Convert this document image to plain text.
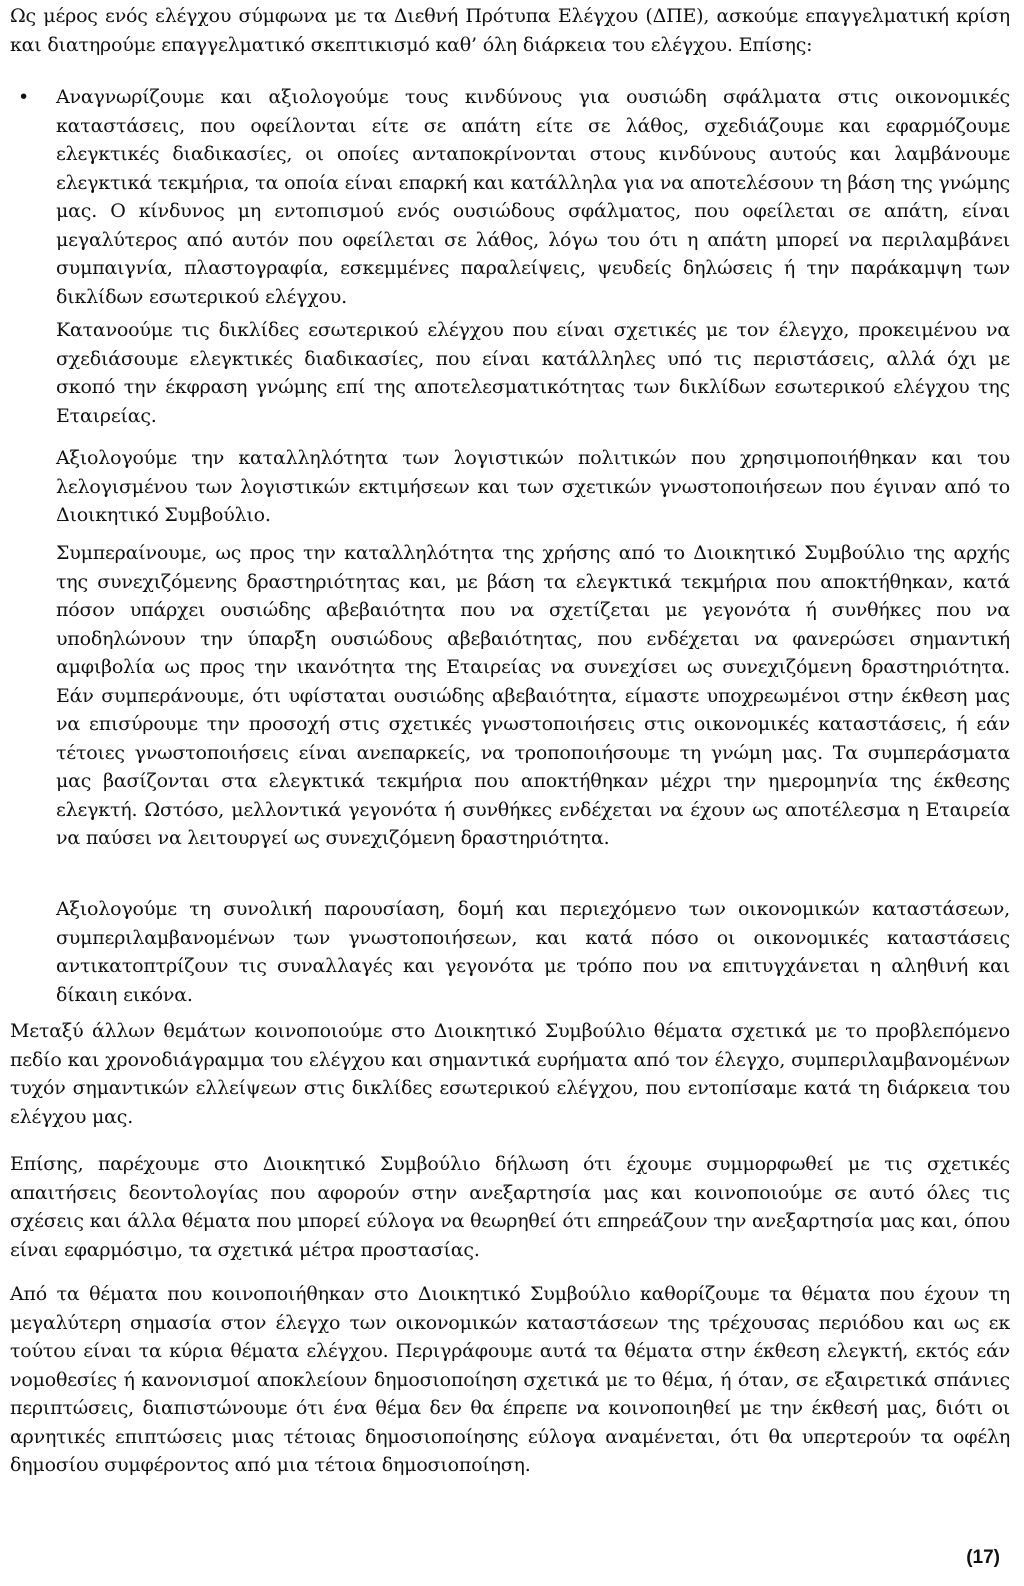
Ως μέρος ενός ελέγχου σύμφωνα με τα Διεθνή Πρότυπα Ελέγχου (ΔΠΕ), ασκούμε επαγγελματική κρίση και διατηρούμε επαγγελματικό σκεπτικισμό καθ’ όλη διάρκεια του ελέγχου. Επίσης:

• Αναγνωρίζουμε και αξιολογούμε τους κινδύνους για ουσιώδη σφάλματα στις οικονομικές καταστάσεις, που οφείλονται είτε σε απάτη είτε σε λάθος, σχεδιάζουμε και εφαρμόζουμε ελεγκτικές διαδικασίες, οι οποίες ανταποκρίνονται στους κινδύνους αυτούς και λαμβάνουμε ελεγκτικά τεκμήρια, τα οποία είναι επαρκή και κατάλληλα για να αποτελέσουν τη βάση της γνώμης μας. Ο κίνδυνος μη εντοπισμού ενός ουσιώδους σφάλματος, που οφείλεται σε απάτη, είναι μεγαλύτερος από αυτόν που οφείλεται σε λάθος, λόγω του ότι η απάτη μπορεί να περιλαμβάνει συμπαιγνία, πλαστογραφία, εσκεμμένες παραλείψεις, ψευδείς δηλώσεις ή την παράκαμψη των δικλίδων εσωτερικού ελέγχου.

Κατανοούμε τις δικλίδες εσωτερικού ελέγχου που είναι σχετικές με τον έλεγχο, προκειμένου να σχεδιάσουμε ελεγκτικές διαδικασίες, που είναι κατάλληλες υπό τις περιστάσεις, αλλά όχι με σκοπό την έκφραση γνώμης επί της αποτελεσματικότητας των δικλίδων εσωτερικού ελέγχου της Εταιρείας.

Αξιολογούμε την καταλληλότητα των λογιστικών πολιτικών που χρησιμοποιήθηκαν και του λελογισμένου των λογιστικών εκτιμήσεων και των σχετικών γνωστοποιήσεων που έγιναν από το Διοικητικό Συμβούλιο.

Συμπεραίνουμε, ως προς την καταλληλότητα της χρήσης από το Διοικητικό Συμβούλιο της αρχής της συνεχιζόμενης δραστηριότητας και, με βάση τα ελεγκτικά τεκμήρια που αποκτήθηκαν, κατά πόσον υπάρχει ουσιώδης αβεβαιότητα που να σχετίζεται με γεγονότα ή συνθήκες που να υποδηλώνουν την ύπαρξη ουσιώδους αβεβαιότητας, που ενδέχεται να φανερώσει σημαντική αμφιβολία ως προς την ικανότητα της Εταιρείας να συνεχίσει ως συνεχιζόμενη δραστηριότητα. Εάν συμπεράνουμε, ότι υφίσταται ουσιώδης αβεβαιότητα, είμαστε υποχρεωμένοι στην έκθεση μας να επισύρουμε την προσοχή στις σχετικές γνωστοποιήσεις στις οικονομικές καταστάσεις, ή εάν τέτοιες γνωστοποιήσεις είναι ανεπαρκείς, να τροποποιήσουμε τη γνώμη μας. Τα συμπεράσματα μας βασίζονται στα ελεγκτικά τεκμήρια που αποκτήθηκαν μέχρι την ημερομηνία της έκθεσης ελεγκτή. Ωστόσο, μελλοντικά γεγονότα ή συνθήκες ενδέχεται να έχουν ως αποτέλεσμα η Εταιρεία να παύσει να λειτουργεί ως συνεχιζόμενη δραστηριότητα.

Αξιολογούμε τη συνολική παρουσίαση, δομή και περιεχόμενο των οικονομικών καταστάσεων, συμπεριλαμβανομένων των γνωστοποιήσεων, και κατά πόσο οι οικονομικές καταστάσεις αντικατοπτρίζουν τις συναλλαγές και γεγονότα με τρόπο που να επιτυγχάνεται η αληθινή και δίκαιη εικόνα.

Μεταξύ άλλων θεμάτων κοινοποιούμε στο Διοικητικό Συμβούλιο θέματα σχετικά με το προβλεπόμενο πεδίο και χρονοδιάγραμμα του ελέγχου και σημαντικά ευρήματα από τον έλεγχο, συμπεριλαμβανομένων τυχόν σημαντικών ελλείψεων στις δικλίδες εσωτερικού ελέγχου, που εντοπίσαμε κατά τη διάρκεια του ελέγχου μας.

Επίσης, παρέχουμε στο Διοικητικό Συμβούλιο δήλωση ότι έχουμε συμμορφωθεί με τις σχετικές απαιτήσεις δεοντολογίας που αφορούν στην ανεξαρτησία μας και κοινοποιούμε σε αυτό όλες τις σχέσεις και άλλα θέματα που μπορεί εύλογα να θεωρηθεί ότι επηρεάζουν την ανεξαρτησία μας και, όπου είναι εφαρμόσιμο, τα σχετικά μέτρα προστασίας.

Από τα θέματα που κοινοποιήθηκαν στο Διοικητικό Συμβούλιο καθορίζουμε τα θέματα που έχουν τη μεγαλύτερη σημασία στον έλεγχο των οικονομικών καταστάσεων της τρέχουσας περιόδου και ως εκ τούτου είναι τα κύρια θέματα ελέγχου. Περιγράφουμε αυτά τα θέματα στην έκθεση ελεγκτή, εκτός εάν νομοθεσίες ή κανονισμοί αποκλείουν δημοσιοποίηση σχετικά με το θέμα, ή όταν, σε εξαιρετικά σπάνιες περιπτώσεις, διαπιστώνουμε ότι ένα θέμα δεν θα έπρεπε να κοινοποιηθεί με την έκθεσή μας, διότι οι αρνητικές επιπτώσεις μιας τέτοιας δημοσιοποίησης εύλογα αναμένεται, ότι θα υπερτερούν τα οφέλη δημοσίου συμφέροντος από μια τέτοια δημοσιοποίηση.

(17)
